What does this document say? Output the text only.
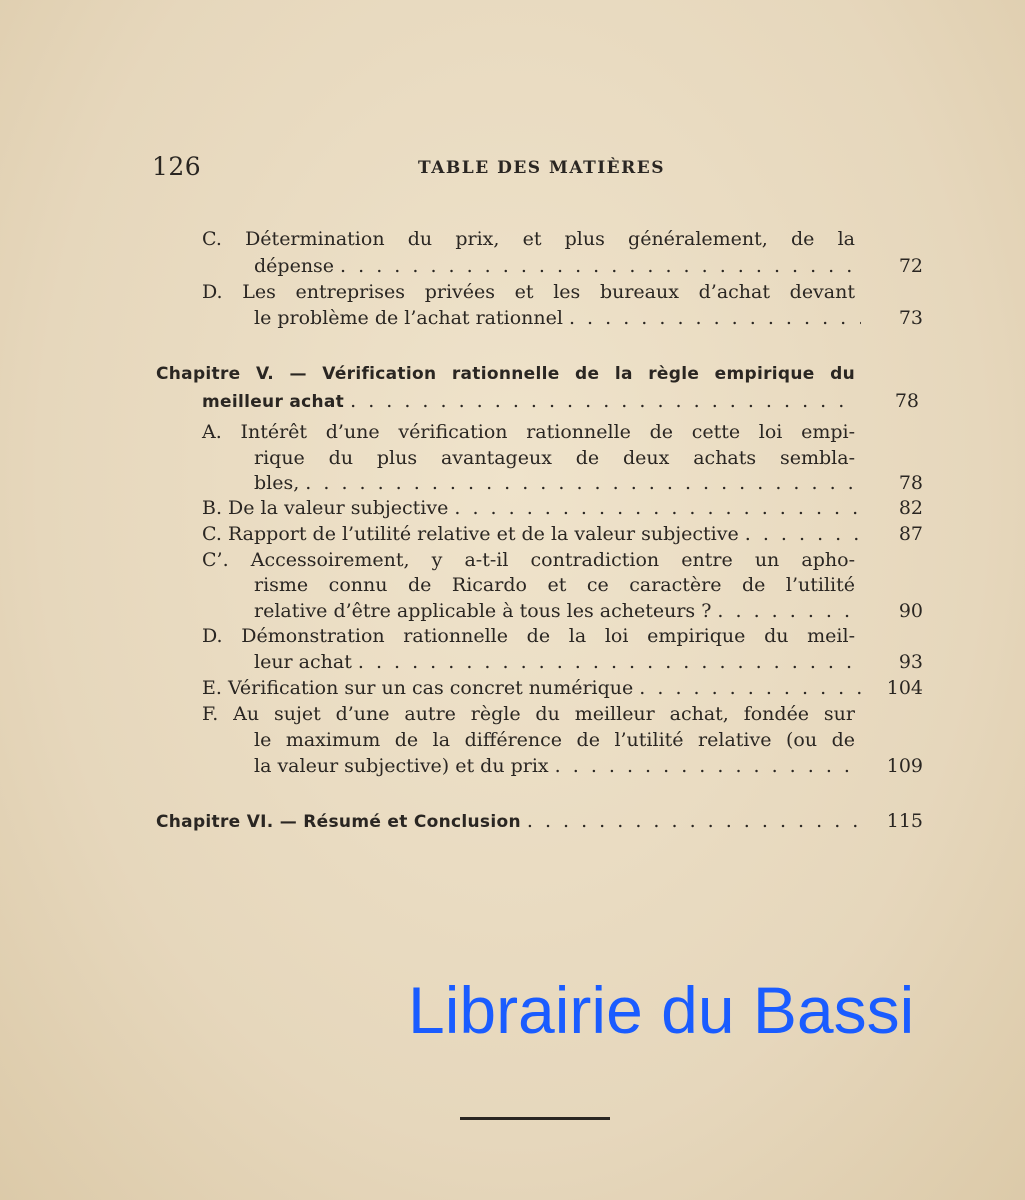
126	TABLE DES MATIÈRES
C. Détermination du prix, et plus généralement, de la
dépense . . .	72
D. Les entreprises privées et les bureaux d’achat devant
le problème de l’achat rationnel . . .	73
Chapitre V. — Vérification rationnelle de la règle empirique du
meilleur achat . . .	78
A. Intérêt d’une vérification rationnelle de cette loi empi-
rique du plus avantageux de deux achats sembla-
bles, . . .	78
B. De la valeur subjective . . .	82
C. Rapport de l’utilité relative et de la valeur subjective . . .	87
C’. Accessoirement, y a-t-il contradiction entre un apho-
risme connu de Ricardo et ce caractère de l’utilité
relative d’être applicable à tous les acheteurs ? . . .	90
D. Démonstration rationnelle de la loi empirique du meil-
leur achat . . .	93
E. Vérification sur un cas concret numérique . . .	104
F. Au sujet d’une autre règle du meilleur achat, fondée sur
le maximum de la différence de l’utilité relative (ou de
la valeur subjective) et du prix . . .	109
Chapitre VI. — Résumé et Conclusion . . .	115
Librairie du Bassi
